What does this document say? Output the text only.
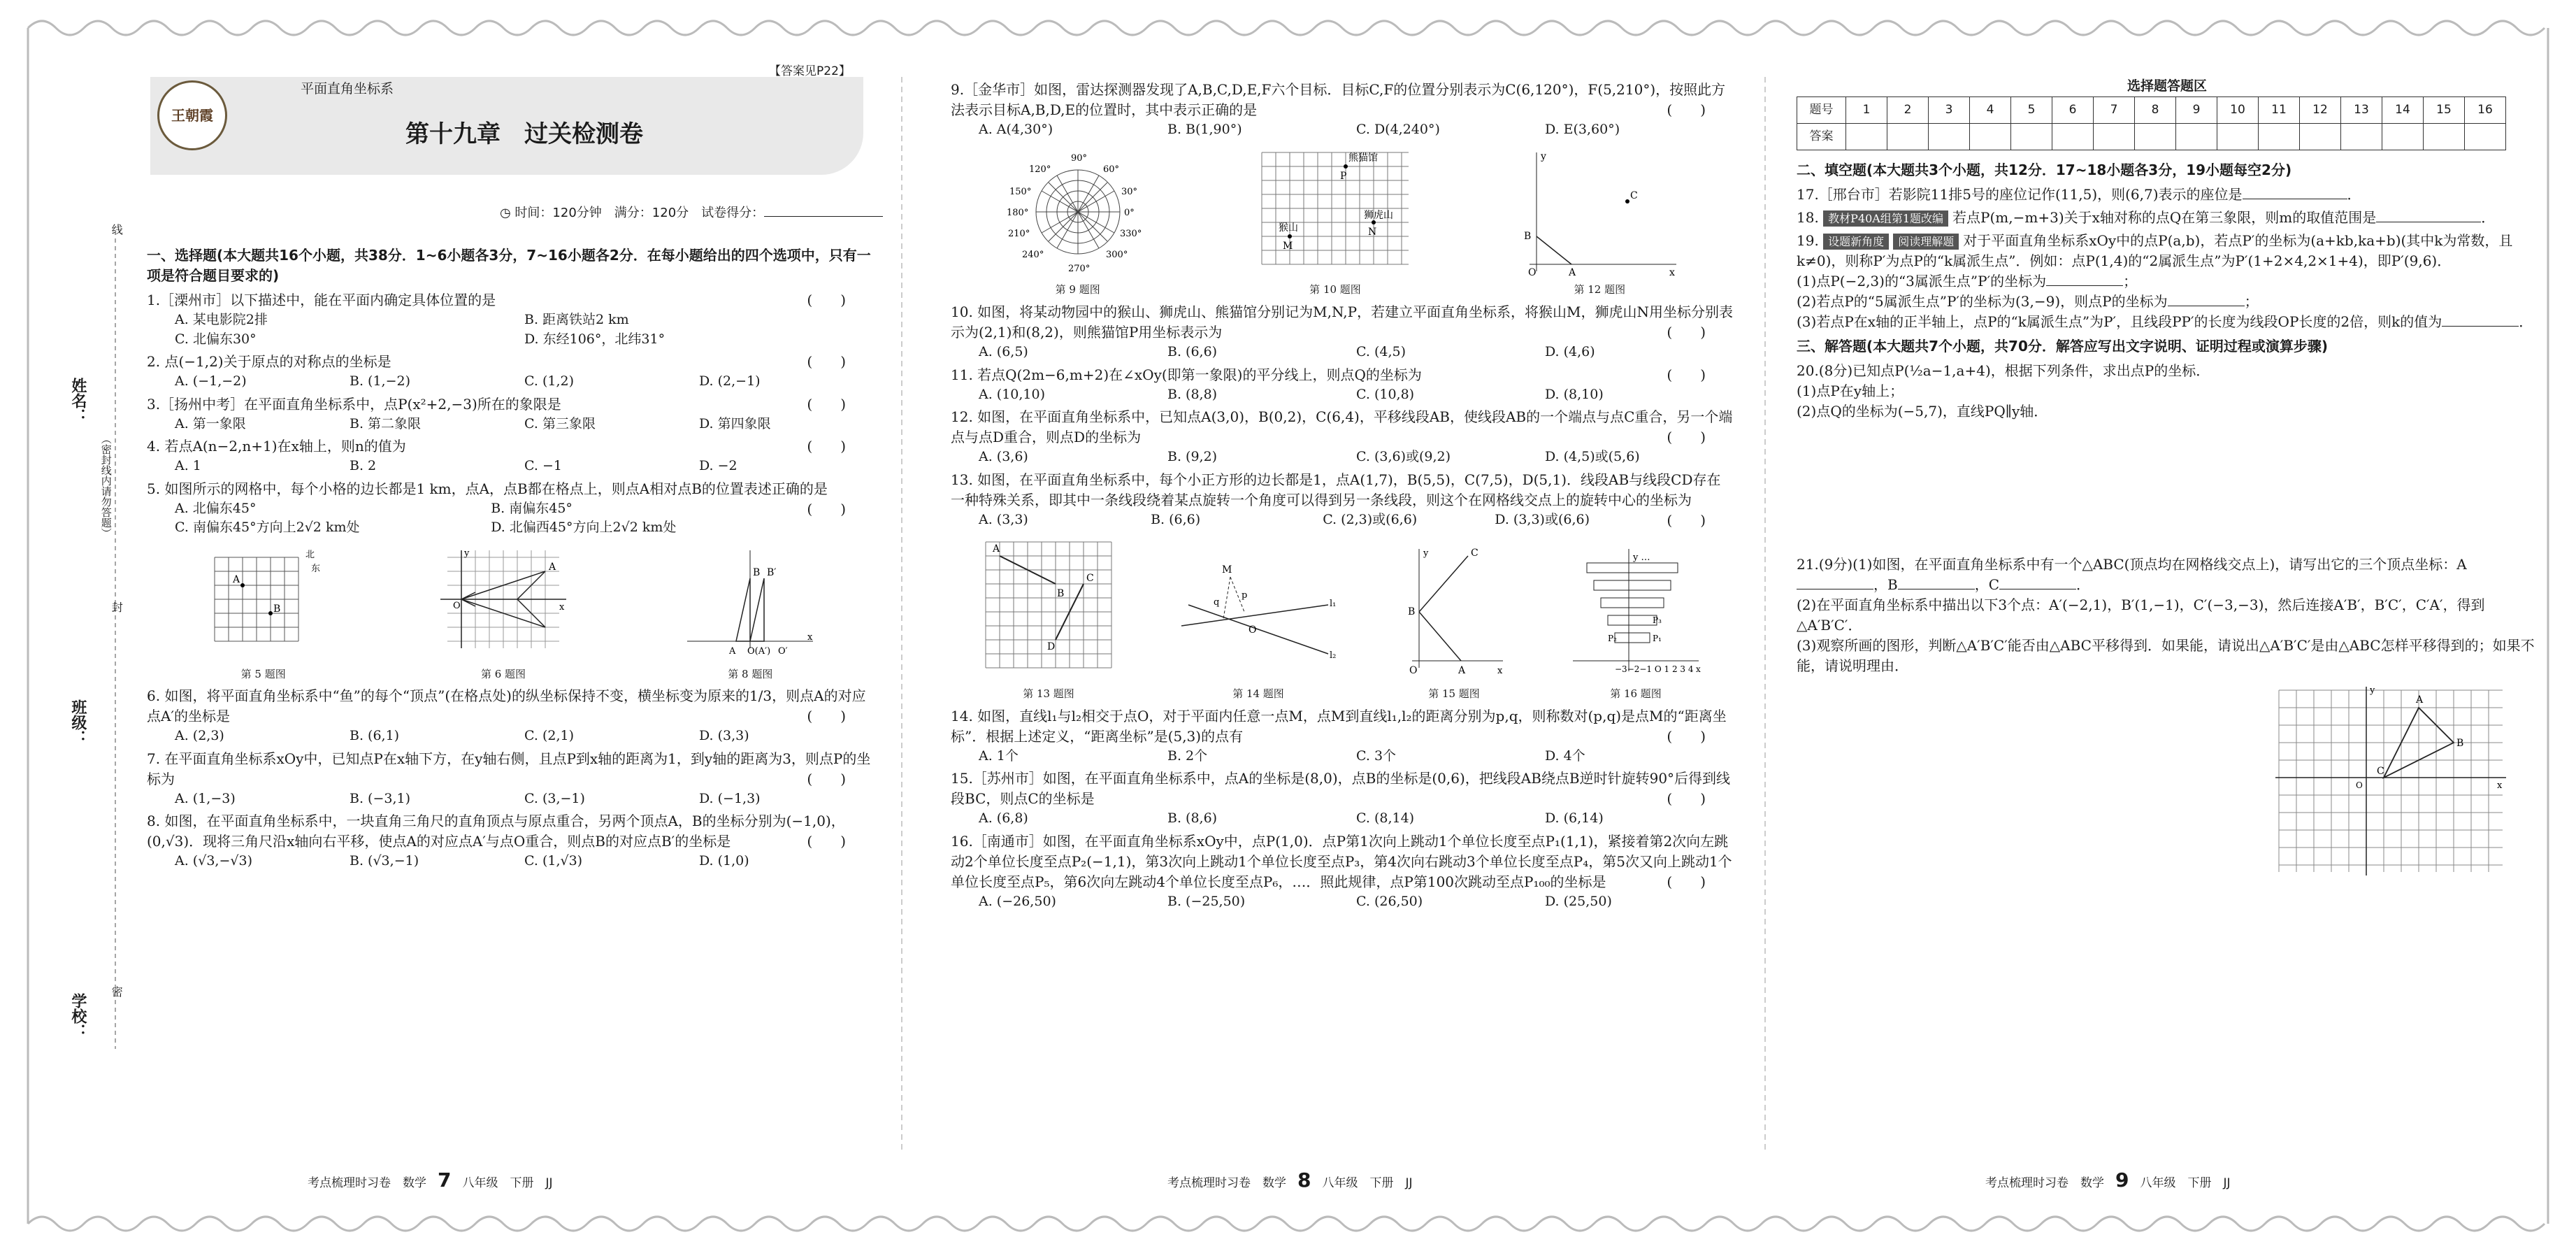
姓名：
班级：
学校：
线
封
密
（密封线内请勿答题）
王朝霞
平面直角坐标系
【答案见P22】
第十九章　过关检测卷
◷ 时间：120分钟　满分：120分　试卷得分：
一、选择题(本大题共16个小题，共38分．1~6小题各3分，7~16小题各2分．在每小题给出的四个选项中，只有一项是符合题目要求的)
1.［溧州市］以下描述中，能在平面内确定具体位置的是	(　　)
A. 某电影院2排	B. 距离铁站2 km
C. 北偏东30°	D. 东经106°，北纬31°
2. 点(−1,2)关于原点的对称点的坐标是	(　　)
A. (−1,−2)	B. (1,−2)	C. (1,2)	D. (2,−1)
3.［扬州中考］在平面直角坐标系中，点P(x²+2,−3)所在的象限是	(　　)
A. 第一象限	B. 第二象限	C. 第三象限	D. 第四象限
4. 若点A(n−2,n+1)在x轴上，则n的值为	(　　)
A. 1	B. 2	C. −1	D. −2
5. 如图所示的网格中，每个小格的边长都是1 km，点A，点B都在格点上，则点A相对点B的位置表述正确的是
(　　)
A. 北偏东45°	B. 南偏东45°
C. 南偏东45°方向上2√2 km处	D. 北偏西45°方向上2√2 km处
A
B
北
东
第 5 题图
A
O	x
y
第 6 题图
B B′
A O(A′) O′
x
第 8 题图
6. 如图，将平面直角坐标系中“鱼”的每个“顶点”(在格点处)的纵坐标保持不变，横坐标变为原来的1/3，则点A的对应点A′的坐标是	(　　)
A. (2,3)	B. (6,1)	C. (2,1)	D. (3,3)
7. 在平面直角坐标系xOy中，已知点P在x轴下方，在y轴右侧，且点P到x轴的距离为1，到y轴的距离为3，则点P的坐标为	(　　)
A. (1,−3)	B. (−3,1)	C. (3,−1)	D. (−1,3)
8. 如图，在平面直角坐标系中，一块直角三角尺的直角顶点与原点重合，另两个顶点A，B的坐标分别为(−1,0)，(0,√3)．现将三角尺沿x轴向右平移，使点A的对应点A′与点O重合，则点B的对应点B′的坐标是	(　　)
A. (√3,−√3)	B. (√3,−1)	C. (1,√3)	D. (1,0)
9.［金华市］如图，雷达探测器发现了A,B,C,D,E,F六个目标．目标C,F的位置分别表示为C(6,120°)，F(5,210°)，按照此方法表示目标A,B,D,E的位置时，其中表示正确的是	(　　)
A. A(4,30°)	B. B(1,90°)	C. D(4,240°)	D. E(3,60°)
90°
60°
30°
0°
120°
150°
180°
210°
240°
270°
300°
330°
第 9 题图
熊猫馆
P
猴山
M
狮虎山
N
第 10 题图
C
B
A
O	x
y
第 12 题图
10. 如图，将某动物园中的猴山、狮虎山、熊猫馆分别记为M,N,P，若建立平面直角坐标系，将猴山M，狮虎山N用坐标分别表示为(2,1)和(8,2)，则熊猫馆P用坐标表示为	(　　)
A. (6,5)	B. (6,6)	C. (4,5)	D. (4,6)
11. 若点Q(2m−6,m+2)在∠xOy(即第一象限)的平分线上，则点Q的坐标为	(　　)
A. (10,10)	B. (8,8)	C. (10,8)	D. (8,10)
12. 如图，在平面直角坐标系中，已知点A(3,0)，B(0,2)，C(6,4)，平移线段AB，使线段AB的一个端点与点C重合，另一个端点与点D重合，则点D的坐标为	(　　)
A. (3,6)	B. (9,2)	C. (3,6)或(9,2)	D. (4,5)或(5,6)
13. 如图，在平面直角坐标系中，每个小正方形的边长都是1，点A(1,7)，B(5,5)，C(7,5)，D(5,1)．线段AB与线段CD存在一种特殊关系，即其中一条线段绕着某点旋转一个角度可以得到另一条线段，则这个在网格线交点上的旋转中心的坐标为
(　　)
A. (3,3)	B. (6,6)	C. (2,3)或(6,6)	D. (3,3)或(6,6)
A
B
C
D
第 13 题图
M
q
p
O
l₁
l₂
第 14 题图
B
A
C
O	x
y
第 15 题图
y …
−3−2−1 O 1 2 3 4
P₃
P₁
P₂
x
第 16 题图
14. 如图，直线l₁与l₂相交于点O，对于平面内任意一点M，点M到直线l₁,l₂的距离分别为p,q，则称数对(p,q)是点M的“距离坐标”．根据上述定义，“距离坐标”是(5,3)的点有	(　　)
A. 1个	B. 2个	C. 3个	D. 4个
15.［苏州市］如图，在平面直角坐标系中，点A的坐标是(8,0)，点B的坐标是(0,6)，把线段AB绕点B逆时针旋转90°后得到线段BC，则点C的坐标是	(　　)
A. (6,8)	B. (8,6)	C. (8,14)	D. (6,14)
16.［南通市］如图，在平面直角坐标系xOy中，点P(1,0)．点P第1次向上跳动1个单位长度至点P₁(1,1)，紧接着第2次向左跳动2个单位长度至点P₂(−1,1)，第3次向上跳动1个单位长度至点P₃，第4次向右跳动3个单位长度至点P₄，第5次又向上跳动1个单位长度至点P₅，第6次向左跳动4个单位长度至点P₆，…．照此规律，点P第100次跳动至点P₁₀₀的坐标是	(　　)
A. (−26,50)	B. (−25,50)	C. (26,50)	D. (25,50)
选择题答题区
题号	1	2	3	4	5	6	7	8	9	10	11	12	13	14	15	16
答案																
二、填空题(本大题共3个小题，共12分．17~18小题各3分，19小题每空2分)
17.［邢台市］若影院11排5号的座位记作(11,5)，则(6,7)表示的座位是	．
18. 教材P40A组第1题改编 若点P(m,−m+3)关于x轴对称的点Q在第三象限，则m的取值范围是	．
19. 设题新角度 阅读理解题 对于平面直角坐标系xOy中的点P(a,b)，若点P′的坐标为(a+kb,ka+b)(其中k为常数，且k≠0)，则称P′为点P的“k属派生点”．例如：点P(1,4)的“2属派生点”为P′(1+2×4,2×1+4)，即P′(9,6)．
(1)点P(−2,3)的“3属派生点”P′的坐标为	；
(2)若点P的“5属派生点”P′的坐标为(3,−9)，则点P的坐标为	；
(3)若点P在x轴的正半轴上，点P的“k属派生点”为P′，且线段PP′的长度为线段OP长度的2倍，则k的值为	．
三、解答题(本大题共7个小题，共70分．解答应写出文字说明、证明过程或演算步骤)
20.(8分)已知点P(½a−1,a+4)，根据下列条件，求出点P的坐标．
(1)点P在y轴上；
(2)点Q的坐标为(−5,7)，直线PQ∥y轴．
21.(9分)(1)如图，在平面直角坐标系中有一个△ABC(顶点均在网格线交点上)，请写出它的三个顶点坐标：A，B	，C	．
(2)在平面直角坐标系中描出以下3个点：A′(−2,1)，B′(1,−1)，C′(−3,−3)，然后连接A′B′，B′C′，C′A′，得到△A′B′C′．
(3)观察所画的图形，判断△A′B′C′能否由△ABC平移得到．如果能，请说出△A′B′C′是由△ABC怎样平移得到的；如果不能，请说明理由．
A
B
C
x
y
O
考点梳理时习卷　数学 7 八年级　下册　JJ	考点梳理时习卷　数学 8 八年级　下册　JJ	考点梳理时习卷　数学 9 八年级　下册　JJ
